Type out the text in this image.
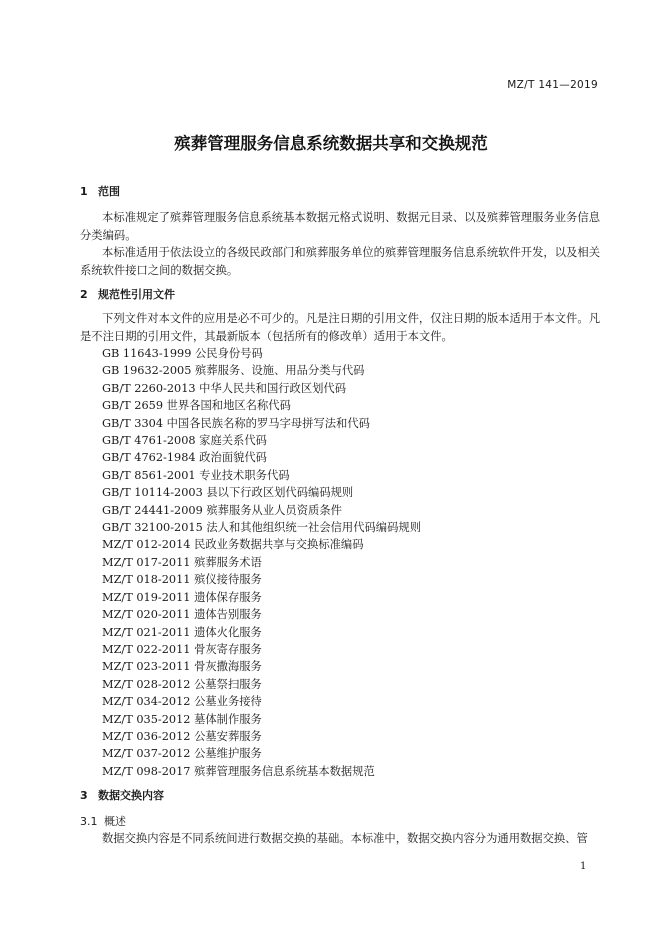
MZ/T 141—2019
殡葬管理服务信息系统数据共享和交换规范
1 范围

本标准规定了殡葬管理服务信息系统基本数据元格式说明、数据元目录、以及殡葬管理服务业务信息分类编码。

本标准适用于依法设立的各级民政部门和殡葬服务单位的殡葬管理服务信息系统软件开发，以及相关系统软件接口之间的数据交换。

2 规范性引用文件

下列文件对本文件的应用是必不可少的。凡是注日期的引用文件，仅注日期的版本适用于本文件。凡是不注日期的引用文件，其最新版本（包括所有的修改单）适用于本文件。

GB 11643-1999 公民身份号码
GB 19632-2005 殡葬服务、设施、用品分类与代码
GB/T 2260-2013 中华人民共和国行政区划代码
GB/T 2659 世界各国和地区名称代码
GB/T 3304 中国各民族名称的罗马字母拼写法和代码
GB/T 4761-2008 家庭关系代码
GB/T 4762-1984 政治面貌代码
GB/T 8561-2001 专业技术职务代码
GB/T 10114-2003 县以下行政区划代码编码规则
GB/T 24441-2009 殡葬服务从业人员资质条件
GB/T 32100-2015 法人和其他组织统一社会信用代码编码规则
MZ/T 012-2014 民政业务数据共享与交换标准编码
MZ/T 017-2011 殡葬服务术语
MZ/T 018-2011 殡仪接待服务
MZ/T 019-2011 遗体保存服务
MZ/T 020-2011 遗体告别服务
MZ/T 021-2011 遗体火化服务
MZ/T 022-2011 骨灰寄存服务
MZ/T 023-2011 骨灰撒海服务
MZ/T 028-2012 公墓祭扫服务
MZ/T 034-2012 公墓业务接待
MZ/T 035-2012 墓体制作服务
MZ/T 036-2012 公墓安葬服务
MZ/T 037-2012 公墓维护服务
MZ/T 098-2017 殡葬管理服务信息系统基本数据规范
3 数据交换内容
3.1 概述

数据交换内容是不同系统间进行数据交换的基础。本标准中，数据交换内容分为通用数据交换、管

1
